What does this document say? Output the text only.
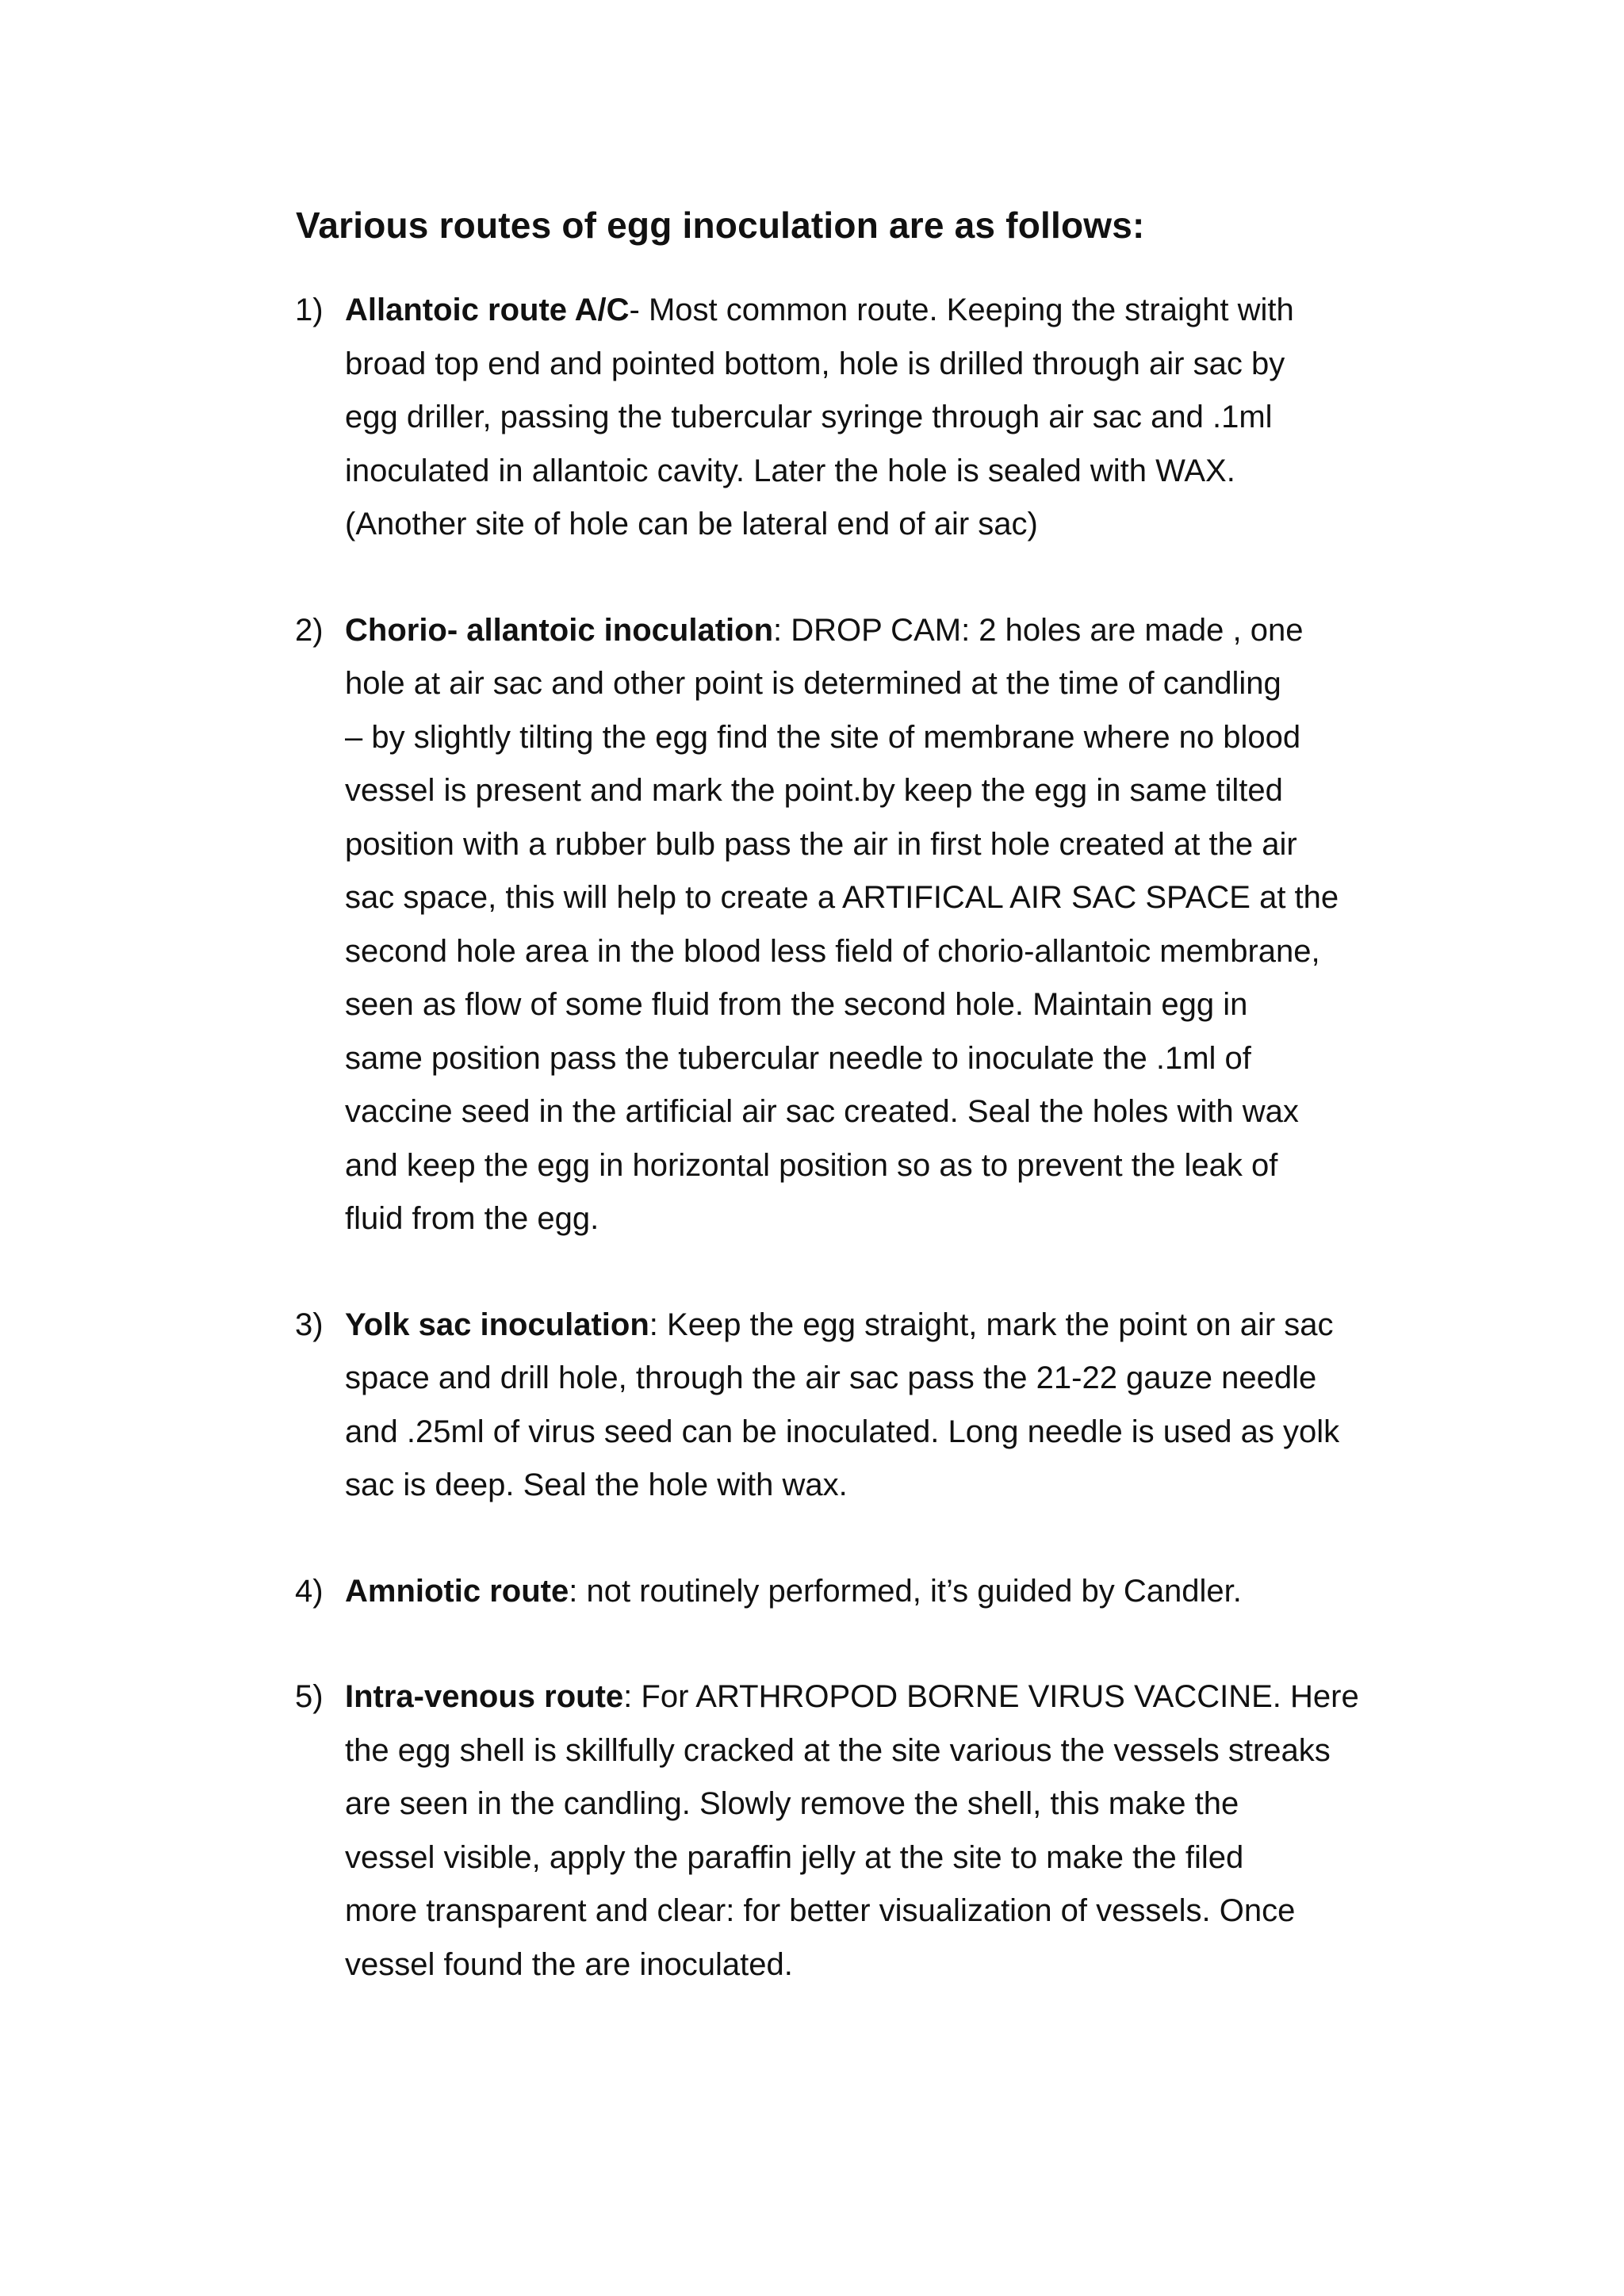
Various routes of egg inoculation are as follows:
1) Allantoic route A/C- Most common route. Keeping the straight with
broad top end and pointed bottom, hole is drilled through air sac by
egg driller, passing the tubercular syringe through air sac and .1ml
inoculated in allantoic cavity. Later the hole is sealed with WAX.
(Another site of hole can be lateral end of air sac)
2) Chorio- allantoic inoculation: DROP CAM: 2 holes are made , one
hole at air sac and other point is determined at the time of candling
– by slightly tilting the egg find the site of membrane where no blood
vessel is present and mark the point.by keep the egg in same tilted
position with a rubber bulb pass the air in first hole created at the air
sac space, this will help to create a ARTIFICAL AIR SAC SPACE at the
second hole area in the blood less field of chorio-allantoic membrane,
seen as flow of some fluid from the second hole. Maintain egg in
same position pass the tubercular needle to inoculate the .1ml of
vaccine seed in the artificial air sac created. Seal the holes with wax
and keep the egg in horizontal position so as to prevent the leak of
fluid from the egg.
3) Yolk sac inoculation: Keep the egg straight, mark the point on air sac
space and drill hole, through the air sac pass the 21-22 gauze needle
and .25ml of virus seed can be inoculated. Long needle is used as yolk
sac is deep. Seal the hole with wax.
4) Amniotic route: not routinely performed, it’s guided by Candler.
5) Intra-venous route: For ARTHROPOD BORNE VIRUS VACCINE. Here
the egg shell is skillfully cracked at the site various the vessels streaks
are seen in the candling. Slowly remove the shell, this make the
vessel visible, apply the paraffin jelly at the site to make the filed
more transparent and clear: for better visualization of vessels. Once
vessel found the are inoculated.
